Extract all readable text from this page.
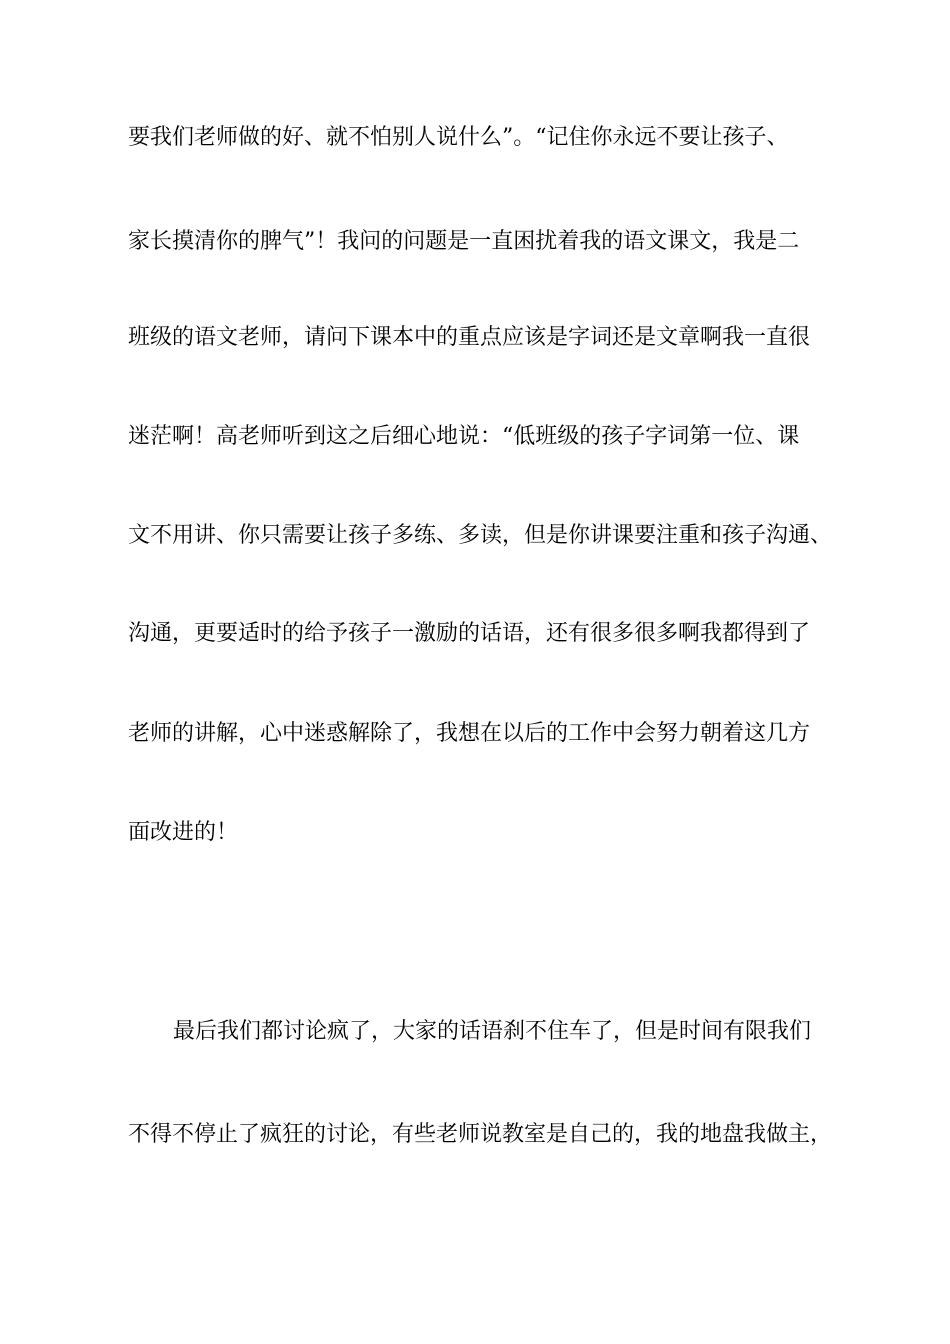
要我们老师做的好、就不怕别人说什么”。“记住你永远不要让孩子、
家长摸清你的脾气”！我问的问题是一直困扰着我的语文课文，我是二
班级的语文老师，请问下课本中的重点应该是字词还是文章啊我一直很
迷茫啊！高老师听到这之后细心地说：“低班级的孩子字词第一位、课
文不用讲、你只需要让孩子多练、多读，但是你讲课要注重和孩子沟通、
沟通，更要适时的给予孩子一激励的话语，还有很多很多啊我都得到了
老师的讲解，心中迷惑解除了，我想在以后的工作中会努力朝着这几方
面改进的！
最后我们都讨论疯了，大家的话语刹不住车了，但是时间有限我们
不得不停止了疯狂的讨论，有些老师说教室是自己的，我的地盘我做主，
